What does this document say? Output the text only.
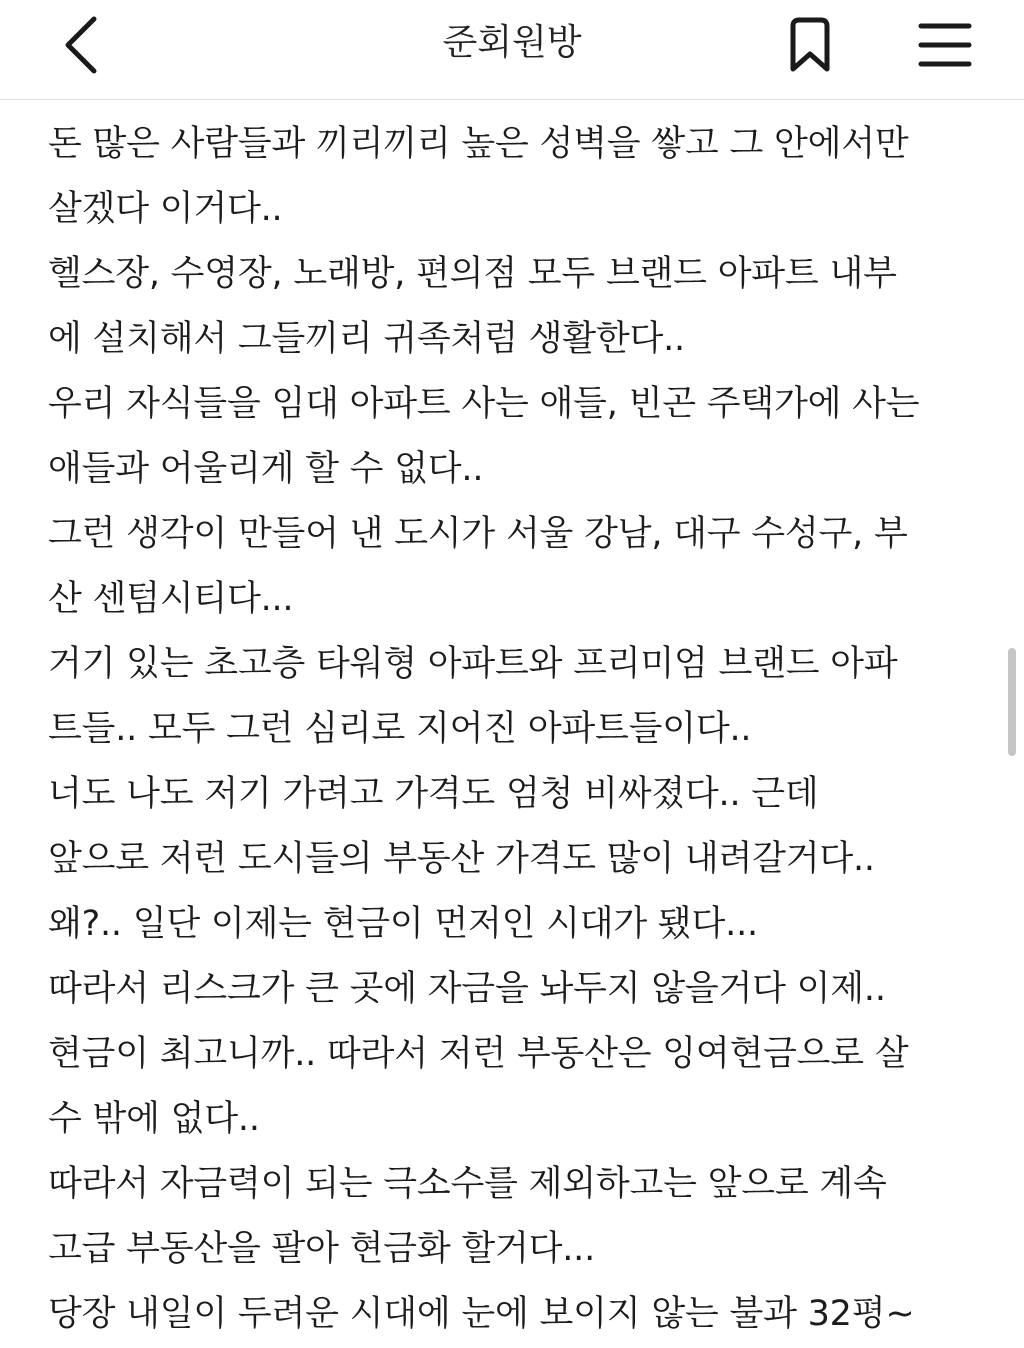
준회원방
돈 많은 사람들과 끼리끼리 높은 성벽을 쌓고 그 안에서만
살겠다 이거다..
헬스장, 수영장, 노래방, 편의점 모두 브랜드 아파트 내부
에 설치해서 그들끼리 귀족처럼 생활한다..
우리 자식들을 임대 아파트 사는 애들, 빈곤 주택가에 사는
애들과 어울리게 할 수 없다..
그런 생각이 만들어 낸 도시가 서울 강남, 대구 수성구, 부
산 센텀시티다...
거기 있는 초고층 타워형 아파트와 프리미엄 브랜드 아파
트들.. 모두 그런 심리로 지어진 아파트들이다..
너도 나도 저기 가려고 가격도 엄청 비싸졌다.. 근데
앞으로 저런 도시들의 부동산 가격도 많이 내려갈거다..
왜?.. 일단 이제는 현금이 먼저인 시대가 됐다...
따라서 리스크가 큰 곳에 자금을 놔두지 않을거다 이제..
현금이 최고니까.. 따라서 저런 부동산은 잉여현금으로 살
수 밖에 없다..
따라서 자금력이 되는 극소수를 제외하고는 앞으로 계속
고급 부동산을 팔아 현금화 할거다...
당장 내일이 두려운 시대에 눈에 보이지 않는 불과 32평~
